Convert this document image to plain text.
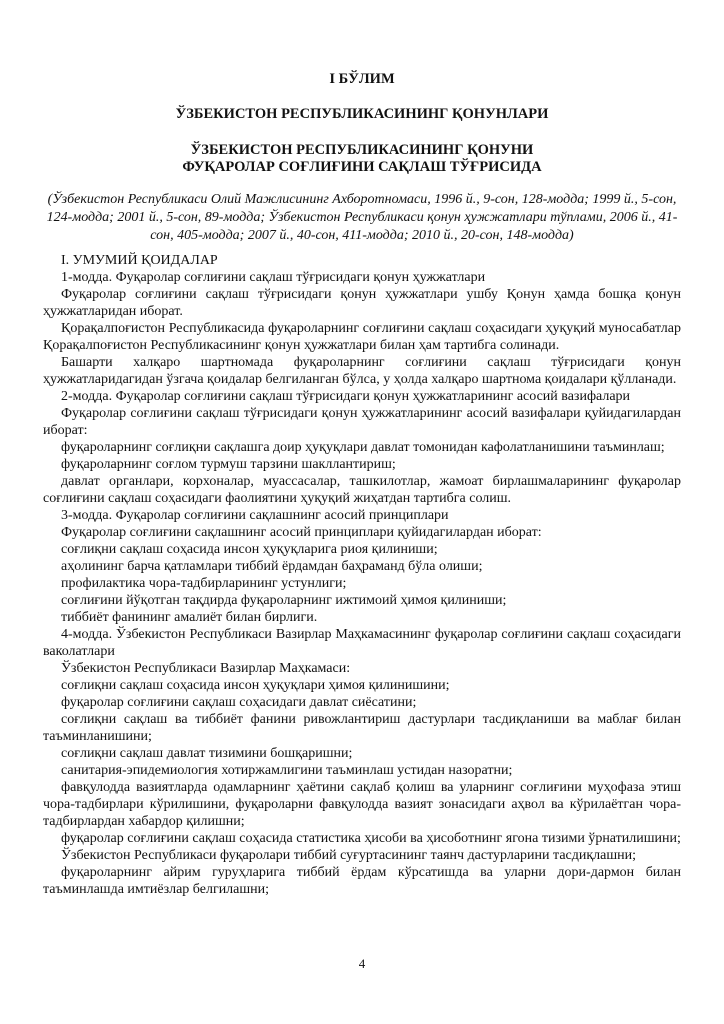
I БЎЛИМ
ЎЗБЕКИСТОН РЕСПУБЛИКАСИНИНГ ҚОНУНЛАРИ
ЎЗБЕКИСТОН РЕСПУБЛИКАСИНИНГ ҚОНУНИ
ФУҚАРОЛАР СОҒЛИҒИНИ САҚЛАШ ТЎҒРИСИДА
(Ўзбекистон Республикаси Олий Мажлисининг Ахборотномаси, 1996 й., 9-сон, 128-модда; 1999 й., 5-сон, 124-модда; 2001 й., 5-сон, 89-модда; Ўзбекистон Республикаси қонун ҳужжатлари тўплами, 2006 й., 41-сон, 405-модда; 2007 й., 40-сон, 411-модда; 2010 й., 20-сон, 148-модда)
I. УМУМИЙ ҚОИДАЛАР

1-модда. Фуқаролар соғлиғини сақлаш тўғрисидаги қонун ҳужжатлари

Фуқаролар соғлиғини сақлаш тўғрисидаги қонун ҳужжатлари ушбу Қонун ҳамда бошқа қонун ҳужжатларидан иборат.

Қорақалпоғистон Республикасида фуқароларнинг соғлиғини сақлаш соҳасидаги ҳуқуқий муносабатлар Қорақалпоғистон Республикасининг қонун ҳужжатлари билан ҳам тартибга солинади.

Башарти халқаро шартномада фуқароларнинг соғлиғини сақлаш тўғрисидаги қонун ҳужжатларидагидан ўзгача қоидалар белгиланган бўлса, у ҳолда халқаро шартнома қоидалари қўлланади.

2-модда. Фуқаролар соғлиғини сақлаш тўғрисидаги қонун ҳужжатларининг асосий вазифалари

Фуқаролар соғлиғини сақлаш тўғрисидаги қонун ҳужжатларининг асосий вазифалари қуйидагилардан иборат:

фуқароларнинг соғлиқни сақлашга доир ҳуқуқлари давлат томонидан кафолатланишини таъминлаш;

фуқароларнинг соғлом турмуш тарзини шакллантириш;

давлат органлари, корхоналар, муассасалар, ташкилотлар, жамоат бирлашмаларининг фуқаролар соғлиғини сақлаш соҳасидаги фаолиятини ҳуқуқий жиҳатдан тартибга солиш.

3-модда. Фуқаролар соғлиғини сақлашнинг асосий принциплари

Фуқаролар соғлиғини сақлашнинг асосий принциплари қуйидагилардан иборат:

соғлиқни сақлаш соҳасида инсон ҳуқуқларига риоя қилиниши;

аҳолининг барча қатламлари тиббий ёрдамдан баҳраманд бўла олиши;

профилактика чора-тадбирларининг устунлиги;

соғлиғини йўқотган тақдирда фуқароларнинг ижтимоий ҳимоя қилиниши;

тиббиёт фанининг амалиёт билан бирлиги.

4-модда. Ўзбекистон Республикаси Вазирлар Маҳкамасининг фуқаролар соғлиғини сақлаш соҳасидаги ваколатлари

Ўзбекистон Республикаси Вазирлар Маҳкамаси:

соғлиқни сақлаш соҳасида инсон ҳуқуқлари ҳимоя қилинишини;

фуқаролар соғлиғини сақлаш соҳасидаги давлат сиёсатини;

соғлиқни сақлаш ва тиббиёт фанини ривожлантириш дастурлари тасдиқланиши ва маблағ билан таъминланишини;

соғлиқни сақлаш давлат тизимини бошқаришни;

санитария-эпидемиология хотиржамлигини таъминлаш устидан назоратни;

фавқулодда вазиятларда одамларнинг ҳаётини сақлаб қолиш ва уларнинг соғлиғини муҳофаза этиш чора-тадбирлари кўрилишини, фуқароларни фавқулодда вазият зонасидаги аҳвол ва кўрилаётган чора-тадбирлардан хабардор қилишни;

фуқаролар соғлиғини сақлаш соҳасида статистика ҳисоби ва ҳисоботнинг ягона тизими ўрнатилишини;

Ўзбекистон Республикаси фуқаролари тиббий суғуртасининг таянч дастурларини тасдиқлашни;

фуқароларнинг айрим гуруҳларига тиббий ёрдам кўрсатишда ва уларни дори-дармон билан таъминлашда имтиёзлар белгилашни;

4
